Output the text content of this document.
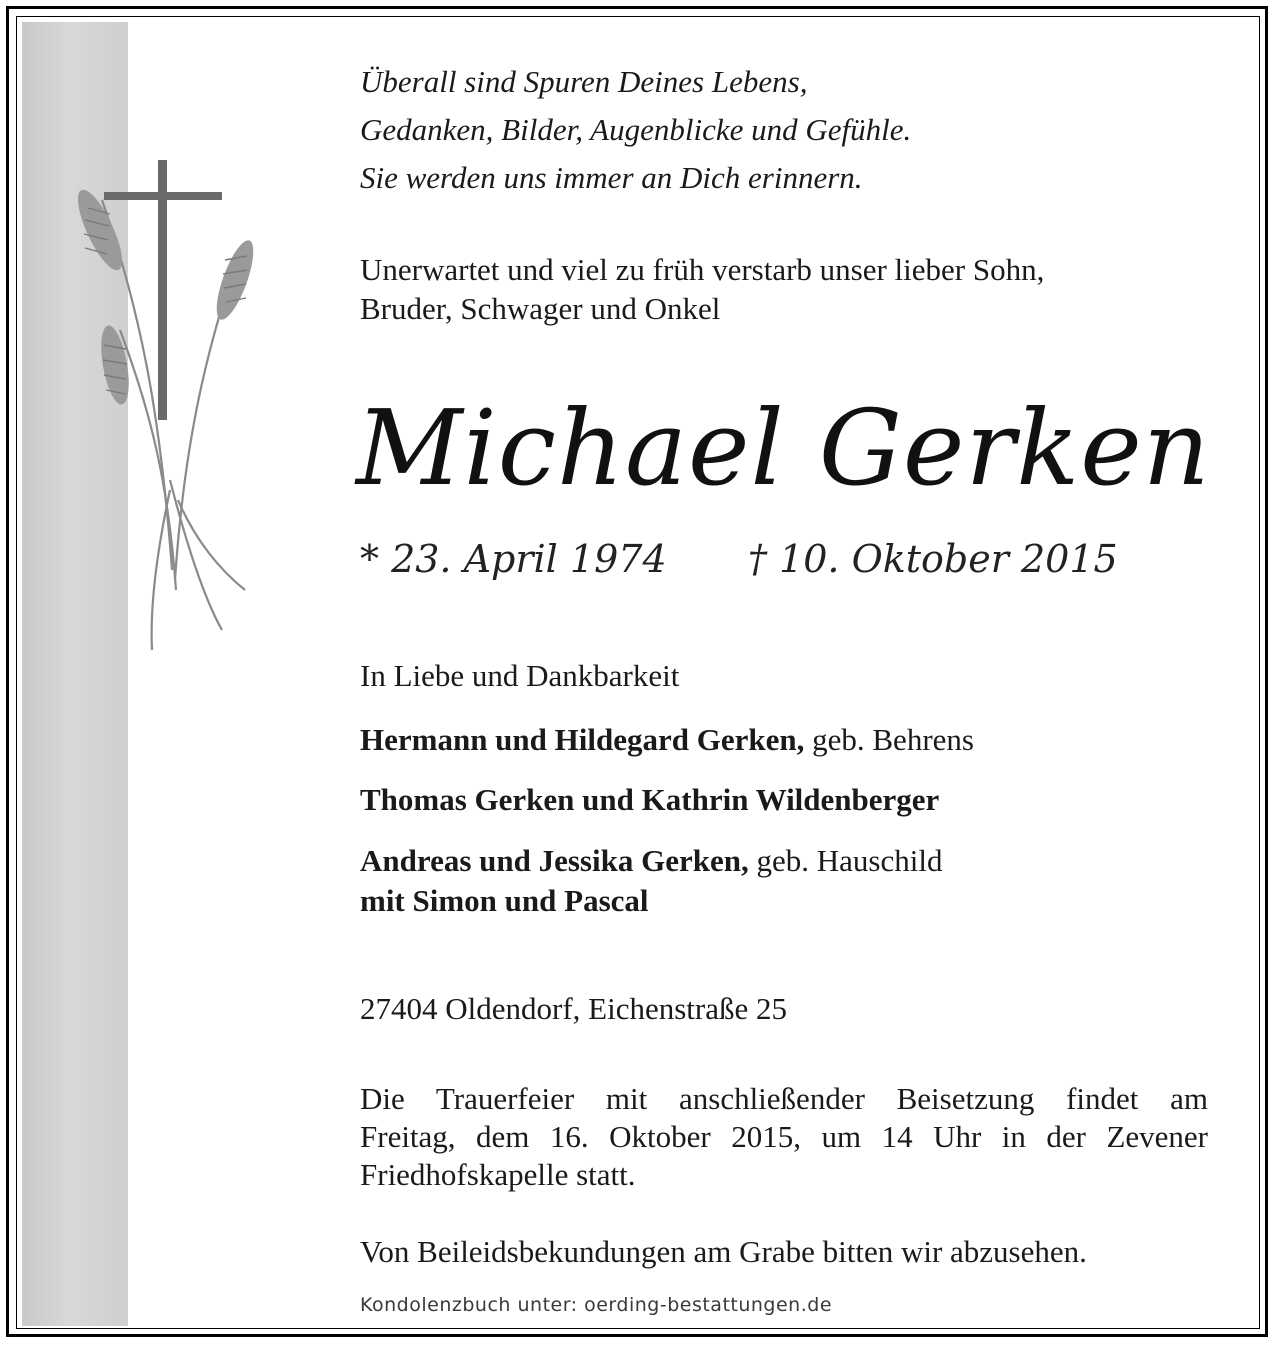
Überall sind Spuren Deines Lebens,
Gedanken, Bilder, Augenblicke und Gefühle.
Sie werden uns immer an Dich erinnern.
Unerwartet und viel zu früh verstarb unser lieber Sohn,
Bruder, Schwager und Onkel
Michael Gerken
* 23. April 1974 † 10. Oktober 2015
In Liebe und Dankbarkeit
Hermann und Hildegard Gerken, geb. Behrens
Thomas Gerken und Kathrin Wildenberger
Andreas und Jessika Gerken, geb. Hauschild
mit Simon und Pascal
27404 Oldendorf, Eichenstraße 25
Die Trauerfeier mit anschließender Beisetzung findet am
Freitag, dem 16. Oktober 2015, um 14 Uhr in der Zevener
Friedhofskapelle statt.
Von Beileidsbekundungen am Grabe bitten wir abzusehen.
Kondolenzbuch unter: oerding-bestattungen.de
